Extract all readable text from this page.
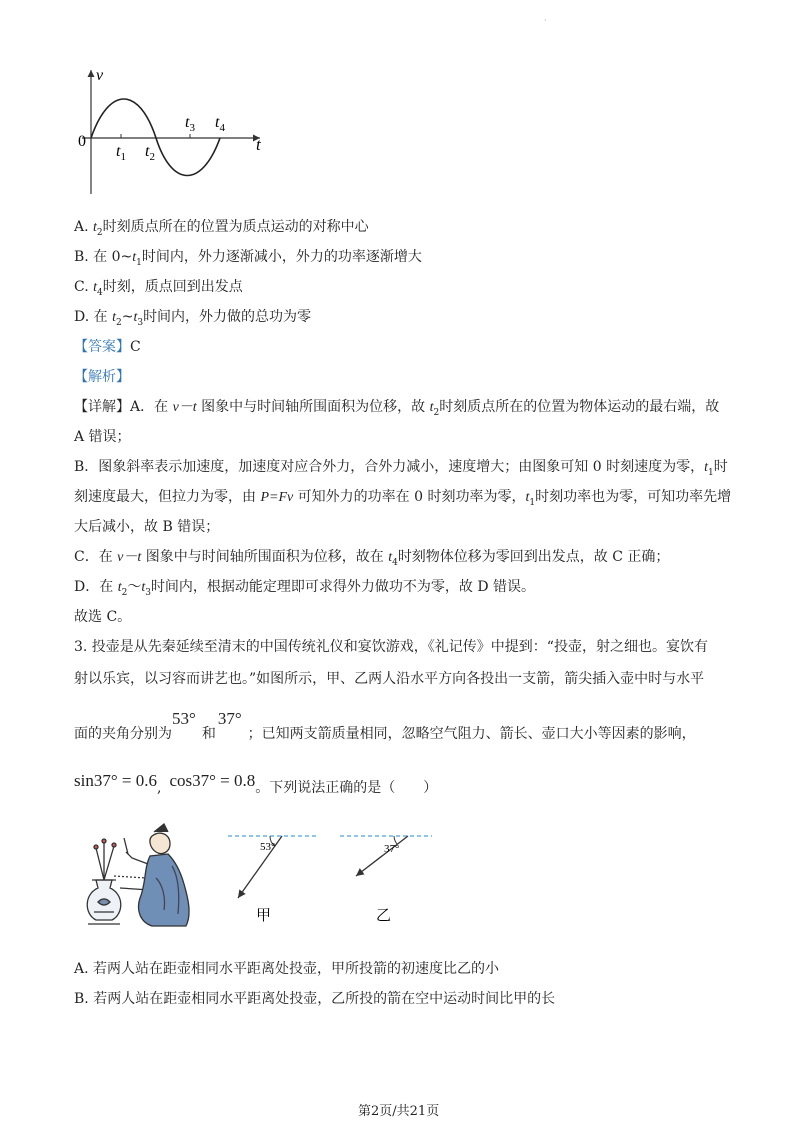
·
v
t
0
$t_1$ $t_2$
$t_3$ $t_4$
A. $t_2$时刻质点所在的位置为质点运动的对称中心
B. 在 $0\sim t_1$时间内，外力逐渐减小，外力的功率逐渐增大
C. $t_4$时刻，质点回到出发点
D. 在 $t_2\sim t_3$时间内，外力做的总功为零
【答案】C
【解析】
【详解】A．在 v－t 图象中与时间轴所围面积为位移，故 $t_2$时刻质点所在的位置为物体运动的最右端，故
A 错误；
B．图象斜率表示加速度，加速度对应合外力，合外力减小，速度增大；由图象可知 0 时刻速度为零，$t_1$时
刻速度最大，但拉力为零，由 P=Fv 可知外力的功率在 0 时刻功率为零，$t_1$时刻功率也为零，可知功率先增
大后减小，故 B 错误；
C．在 v－t 图象中与时间轴所围面积为位移，故在 $t_4$时刻物体位移为零回到出发点，故 C 正确；
D．在 $t_2\sim t_3$时间内，根据动能定理即可求得外力做功不为零，故 D 错误。
故选 C。
3. 投壶是从先秦延续至清末的中国传统礼仪和宴饮游戏，《礼记传》中提到：“投壶，射之细也。宴饮有
射以乐宾，以习容而讲艺也。”如图所示，甲、乙两人沿水平方向各投出一支箭，箭尖插入壶中时与水平
面的夹角分别为53°和37°；已知两支箭质量相同，忽略空气阻力、箭长、壶口大小等因素的影响，
sin37° = 0.6, cos37° = 0.8。下列说法正确的是（　　）
53°
甲
37°
乙
A. 若两人站在距壶相同水平距离处投壶，甲所投箭的初速度比乙的小
B. 若两人站在距壶相同水平距离处投壶，乙所投的箭在空中运动时间比甲的长
第2页/共21页
